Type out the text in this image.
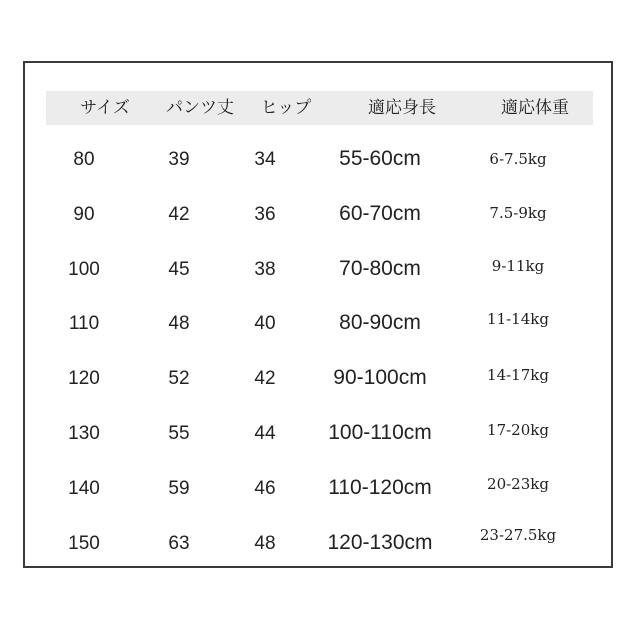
サイズ パンツ丈 ヒップ	適応身長	適応体重
80	39	34	55-60cm	6-7.5kg
90	42	36	60-70cm	7.5-9kg
100	45	38	70-80cm	9-11kg
110	48	40	80-90cm	11-14kg
120	52	42	90-100cm	14-17kg
130	55	44	100-110cm	17-20kg
140	59	46	110-120cm	20-23kg
150	63	48 120-130cm	23-27.5kg
